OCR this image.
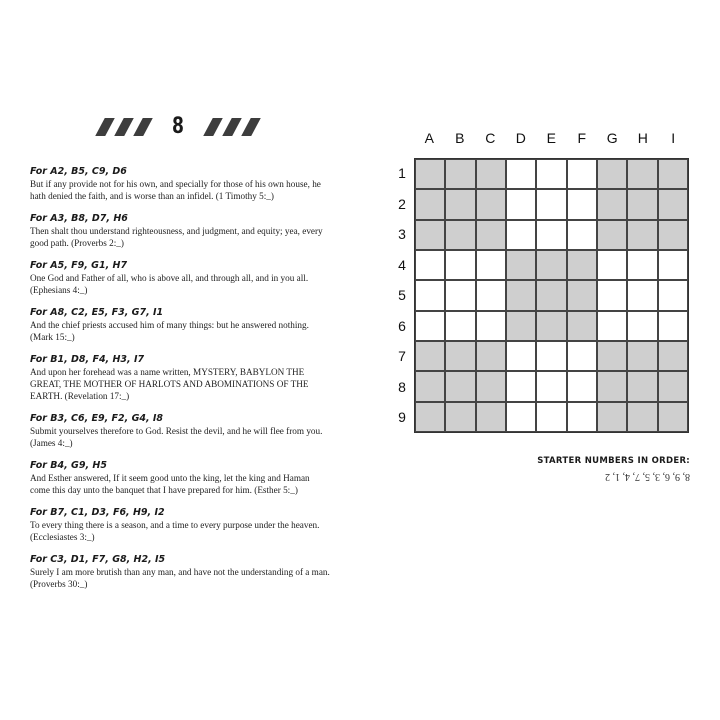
8
For A2, B5, C9, D6
But if any provide not for his own, and specially for those of his own house, he hath denied the faith, and is worse than an infidel. (1 Timothy 5:_)
For A3, B8, D7, H6
Then shalt thou understand righteousness, and judgment, and equity; yea, every good path. (Proverbs 2:_)
For A5, F9, G1, H7
One God and Father of all, who is above all, and through all, and in you all. (Ephesians 4:_)
For A8, C2, E5, F3, G7, I1
And the chief priests accused him of many things: but he answered nothing. (Mark 15:_)
For B1, D8, F4, H3, I7
And upon her forehead was a name written, MYSTERY, BABYLON THE GREAT, THE MOTHER OF HARLOTS AND ABOMINATIONS OF THE EARTH. (Revelation 17:_)
For B3, C6, E9, F2, G4, I8
Submit yourselves therefore to God. Resist the devil, and he will flee from you. (James 4:_)
For B4, G9, H5
And Esther answered, If it seem good unto the king, let the king and Haman come this day unto the banquet that I have prepared for him. (Esther 5:_)
For B7, C1, D3, F6, H9, I2
To every thing there is a season, and a time to every purpose under the heaven. (Ecclesiastes 3:_)
For C3, D1, F7, G8, H2, I5
Surely I am more brutish than any man, and have not the understanding of a man. (Proverbs 30:_)
A	B	C	D	E	F	G	H	I
1
2
3
4
5
6
7
8
9
STARTER NUMBERS IN ORDER:
8, 9, 6, 3, 5, 7, 4, 1, 2
